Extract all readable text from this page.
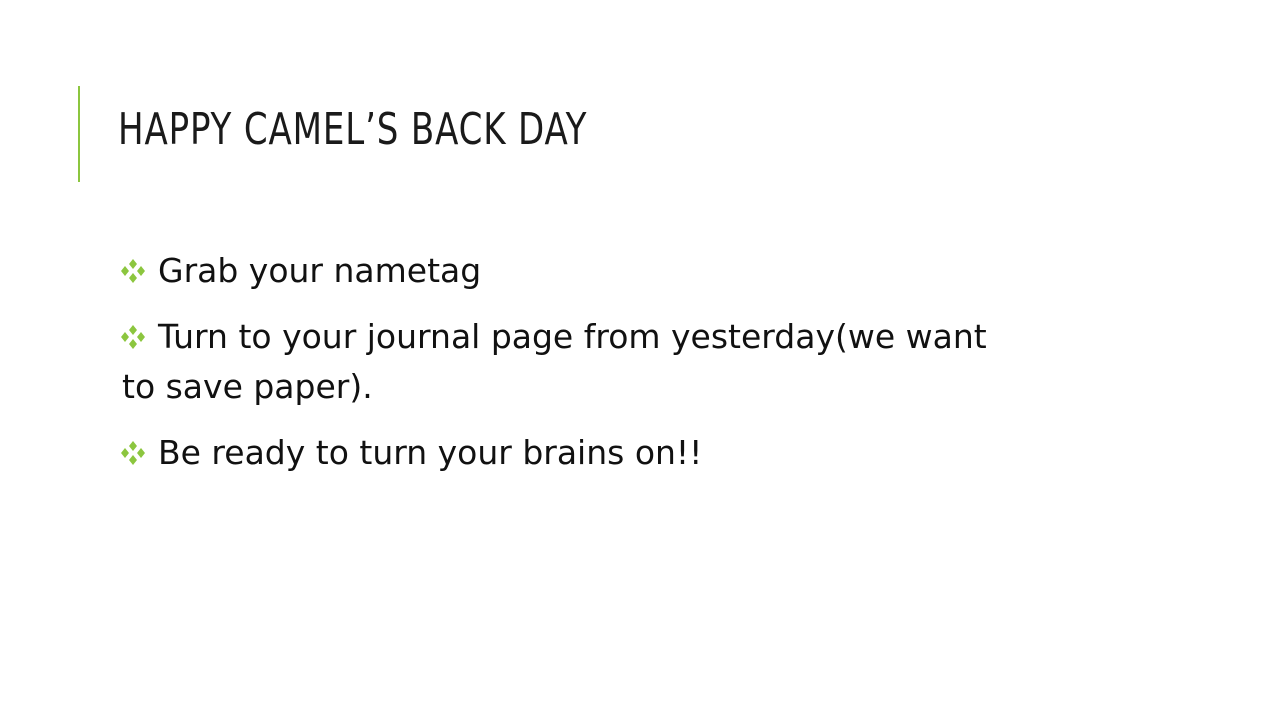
HAPPY CAMEL’S BACK DAY
Grab your nametag
Turn to your journal page from yesterday(we want
to save paper).
Be ready to turn your brains on!!
